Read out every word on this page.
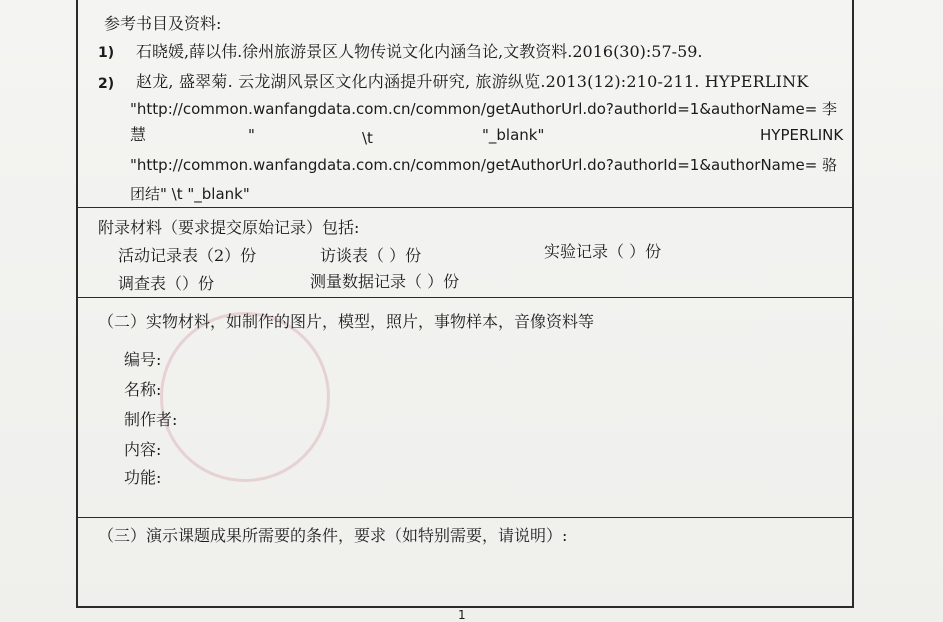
参考书目及资料:
1) 石晓媛,薛以伟.徐州旅游景区人物传说文化内涵刍论,文教资料.2016(30):57-59.
2) 赵龙, 盛翠菊. 云龙湖风景区文化内涵提升研究, 旅游纵览.2013(12):210-211. HYPERLINK
"http://common.wanfangdata.com.cn/common/getAuthorUrl.do?authorId=1&authorName= 李
慧	"	\t	"_blank"	HYPERLINK
"http://common.wanfangdata.com.cn/common/getAuthorUrl.do?authorId=1&authorName= 骆
团结" \t "_blank"
附录材料（要求提交原始记录）包括:
活动记录表（2）份	访谈表（ ）份	实验记录（ ）份
调查表（）份	测量数据记录（ ）份
（二）实物材料，如制作的图片，模型，照片，事物样本，音像资料等
编号:
名称:
制作者:
内容:
功能:
（三）演示课题成果所需要的条件，要求（如特别需要，请说明）:
1
